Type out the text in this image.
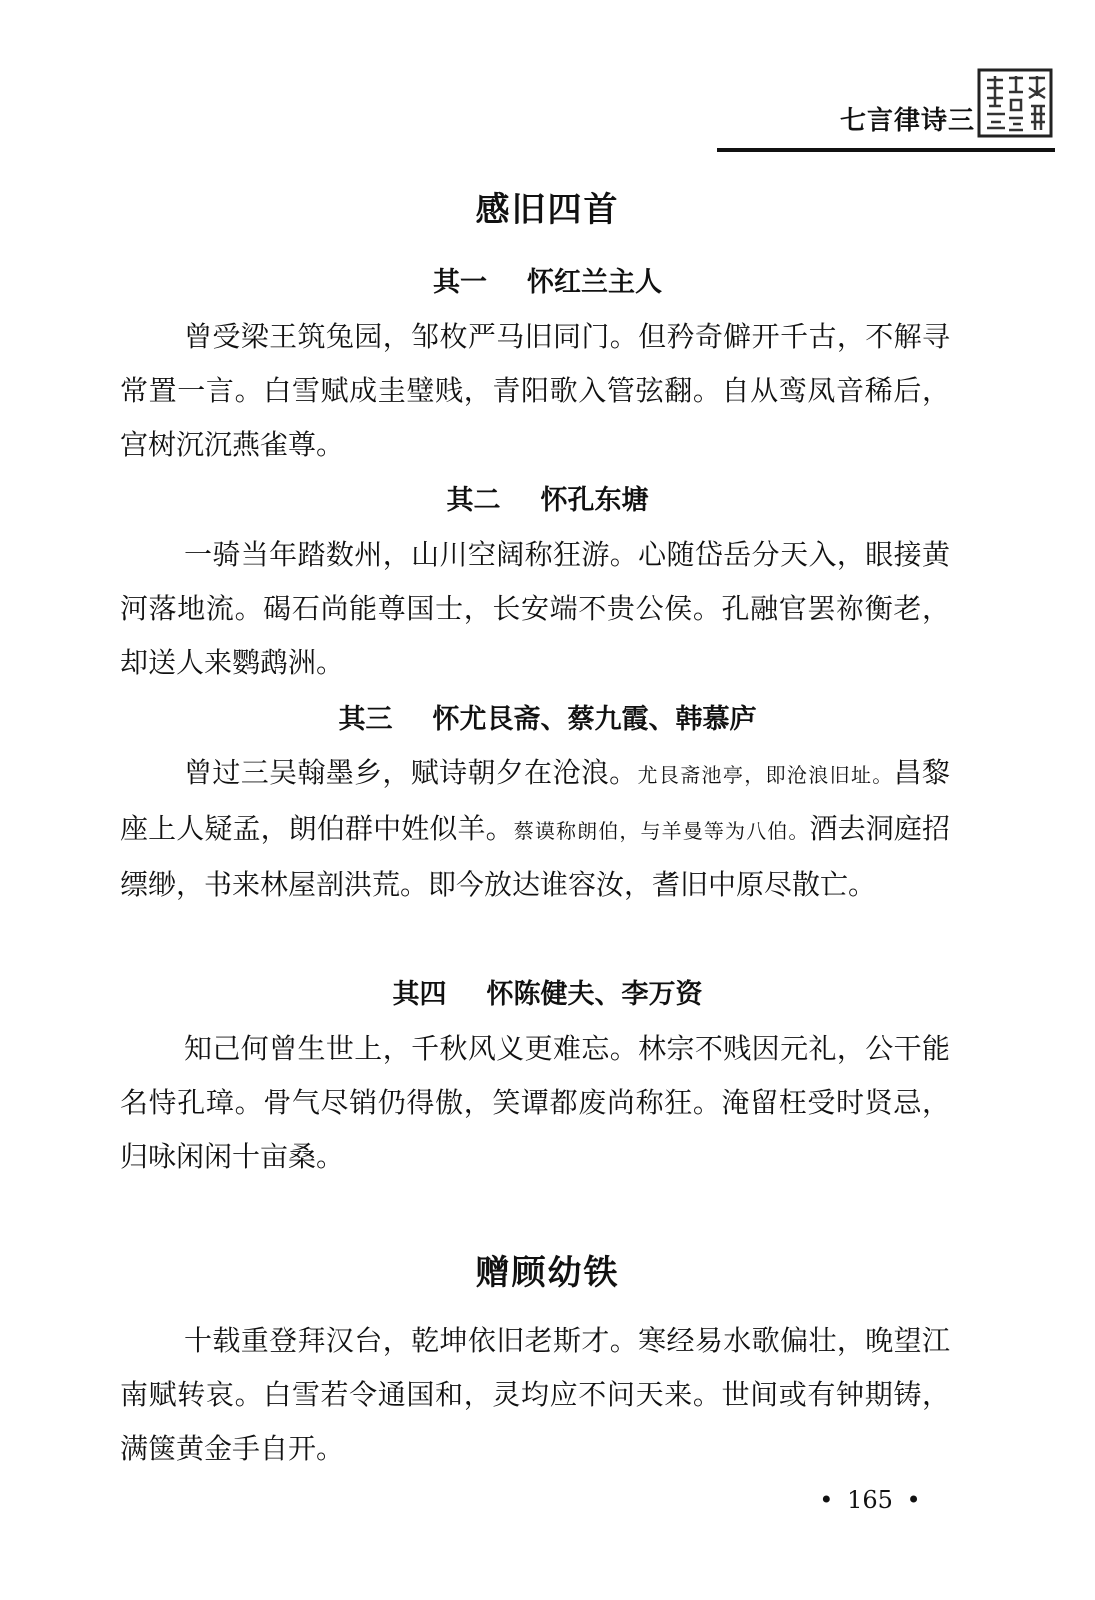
七言律诗三
感旧四首
其一 怀红兰主人
曾受梁王筑兔园，邹枚严马旧同门。但矜奇僻开千古，不解寻常置一言。白雪赋成圭璧贱，青阳歌入管弦翻。自从鸾凤音稀后，宫树沉沉燕雀尊。
其二 怀孔东塘
一骑当年踏数州，山川空阔称狂游。心随岱岳分天入，眼接黄河落地流。碣石尚能尊国士，长安端不贵公侯。孔融官罢祢衡老，却送人来鹦鹉洲。
其三 怀尤艮斋、蔡九霞、韩慕庐
曾过三吴翰墨乡，赋诗朝夕在沧浪。尤艮斋池亭，即沧浪旧址。昌黎座上人疑孟，朗伯群中姓似羊。蔡谟称朗伯，与羊曼等为八伯。酒去洞庭招缥缈，书来林屋剖洪荒。即今放达谁容汝，耆旧中原尽散亡。
其四 怀陈健夫、李万资
知己何曾生世上，千秋风义更难忘。林宗不贱因元礼，公干能名恃孔璋。骨气尽销仍得傲，笑谭都废尚称狂。淹留枉受时贤忌，归咏闲闲十亩桑。
赠顾幼铁
十载重登拜汉台，乾坤依旧老斯才。寒经易水歌偏壮，晚望江南赋转哀。白雪若令通国和，灵均应不问天来。世间或有钟期铸，满箧黄金手自开。
• 165 •
